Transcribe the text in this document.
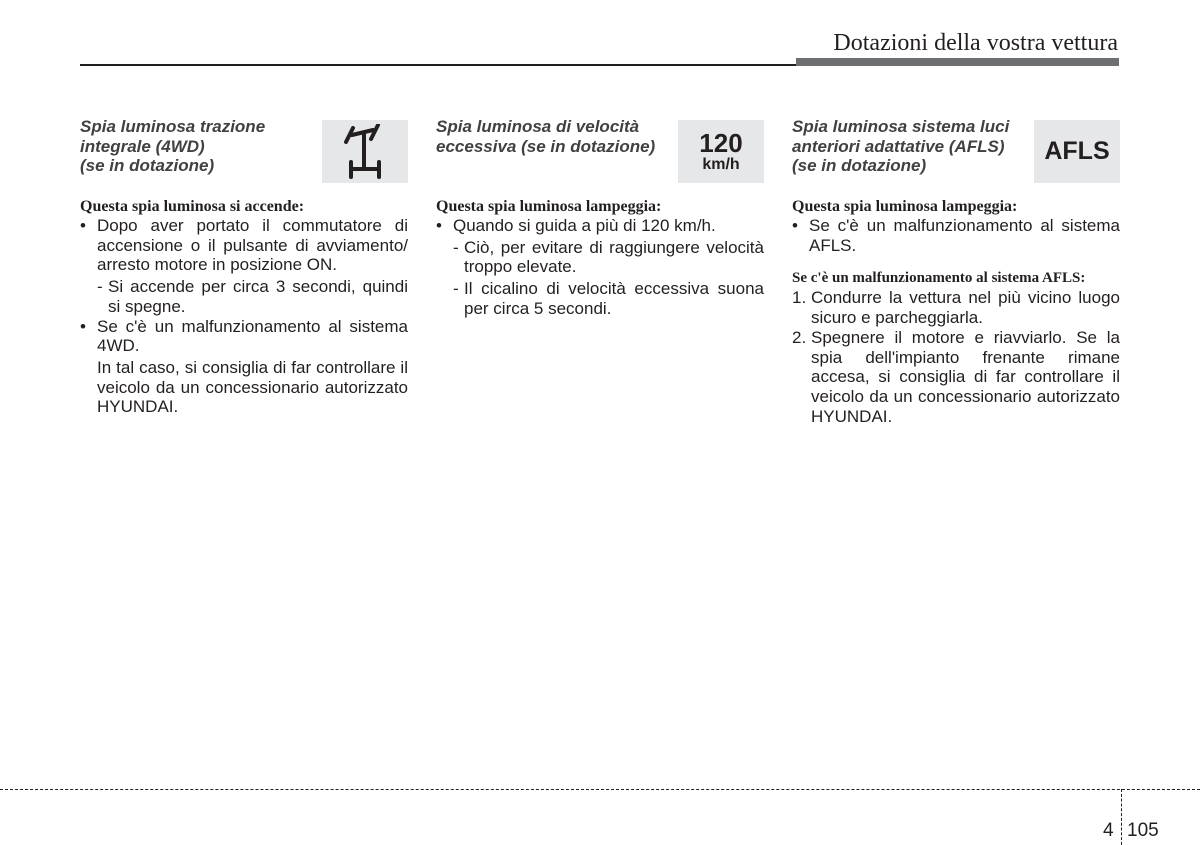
Dotazioni della vostra vettura
Spia luminosa trazione
integrale (4WD)
(se in dotazione)
Questa spia luminosa si accende:
• Dopo aver portato il commutatore di accensione o il pulsante di avviamento/ arresto motore in posizione ON.
- Si accende per circa 3 secondi, quindi si spegne.
• Se c'è un malfunzionamento al sistema 4WD.
In tal caso, si consiglia di far controllare il veicolo da un concessionario autorizzato HYUNDAI.
Spia luminosa di velocità
eccessiva (se in dotazione)	120
km/h
Questa spia luminosa lampeggia:
• Quando si guida a più di 120 km/h.
- Ciò, per evitare di raggiungere velocità troppo elevate.
- Il cicalino di velocità eccessiva suona per circa 5 secondi.
Spia luminosa sistema luci
anteriori adattative (AFLS)
(se in dotazione)
AFLS
Questa spia luminosa lampeggia:
• Se c'è un malfunzionamento al sistema AFLS.
Se c'è un malfunzionamento al sistema AFLS:
1. Condurre la vettura nel più vicino luogo sicuro e parcheggiarla.
2. Spegnere il motore e riavviarlo. Se la spia dell'impianto frenante rimane accesa, si consiglia di far controllare il veicolo da un concessionario autorizzato HYUNDAI.
4 105
